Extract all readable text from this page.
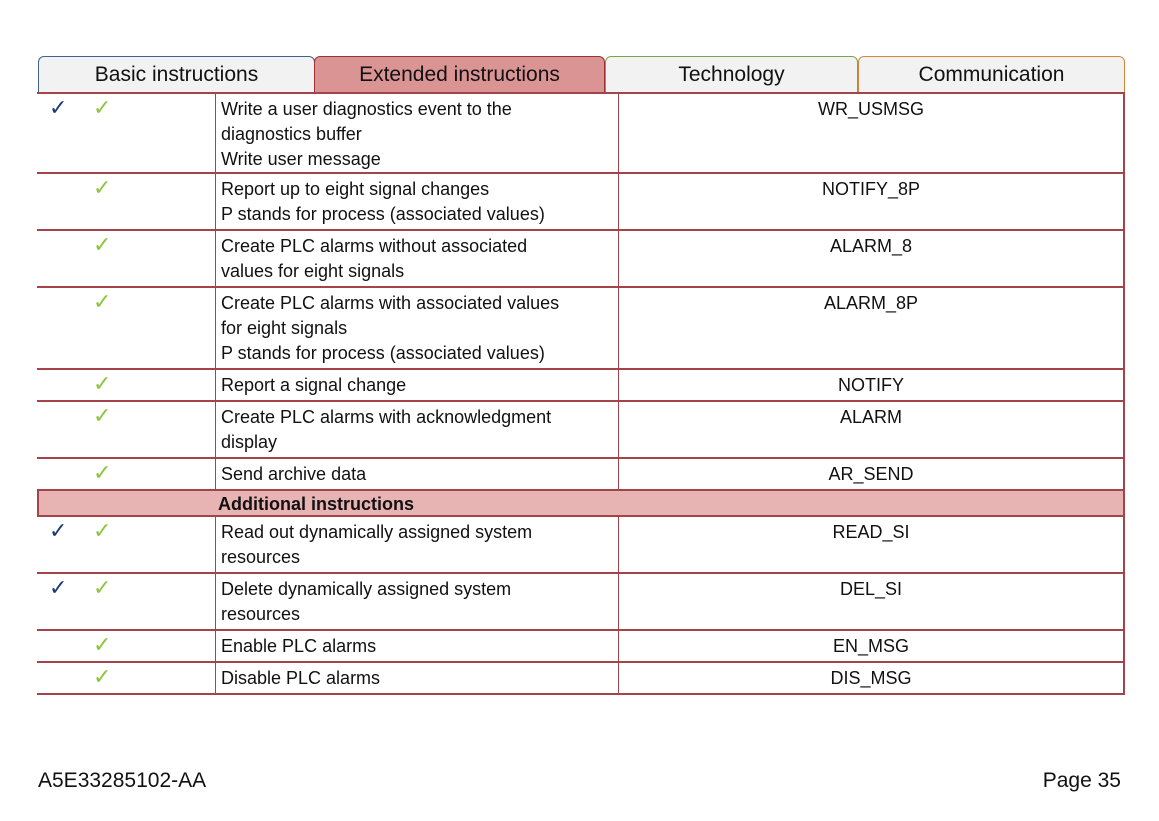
Basic instructions	Extended instructions	Technology	Communication
✓ ✓	Write a user diagnostics event to the
diagnostics buffer
Write user message
WR_USMSG
✓	Report up to eight signal changes
P stands for process (associated values)
NOTIFY_8P
✓	Create PLC alarms without associated
values for eight signals
ALARM_8
✓	Create PLC alarms with associated values
for eight signals
P stands for process (associated values)
ALARM_8P
✓	Report a signal change	NOTIFY
✓	Create PLC alarms with acknowledgment
display
ALARM
✓	Send archive data	AR_SEND
Additional instructions
✓ ✓	Read out dynamically assigned system
resources
READ_SI
✓ ✓	Delete dynamically assigned system
resources
DEL_SI
✓	Enable PLC alarms	EN_MSG
✓	Disable PLC alarms	DIS_MSG
A5E33285102-AA	Page 35
